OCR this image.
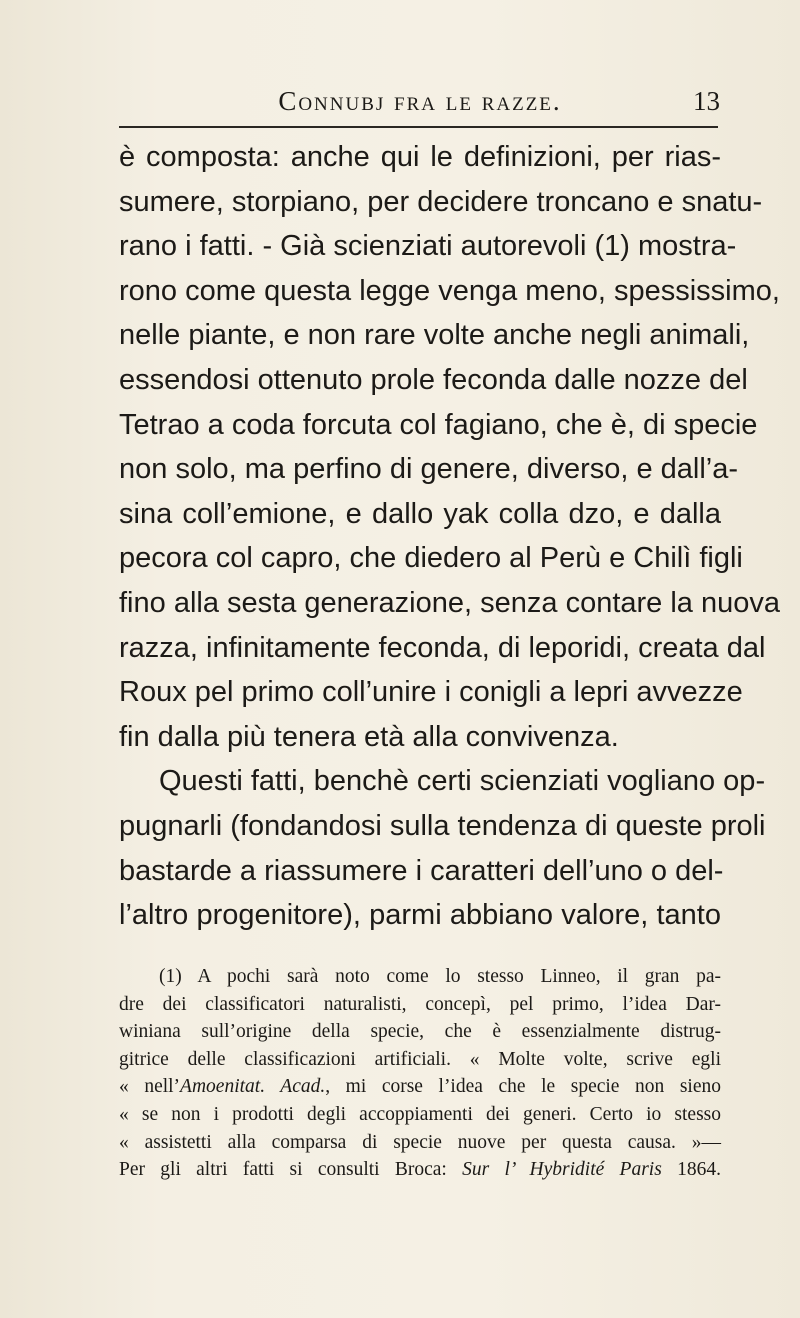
Connubj fra le razze.	13
è composta: anche qui le definizioni, per rias-
sumere, storpiano, per decidere troncano e snatu-
rano i fatti. - Già scienziati autorevoli (1) mostra-
rono come questa legge venga meno, spessissimo,
nelle piante, e non rare volte anche negli animali,
essendosi ottenuto prole feconda dalle nozze del
Tetrao a coda forcuta col fagiano, che è, di specie
non solo, ma perfino di genere, diverso, e dall’a-
sina coll’emione, e dallo yak colla dzo, e dalla
pecora col capro, che diedero al Perù e Chilì figli
fino alla sesta generazione, senza contare la nuova
razza, infinitamente feconda, di leporidi, creata dal
Roux pel primo coll’unire i conigli a lepri avvezze
fin dalla più tenera età alla convivenza.
Questi fatti, benchè certi scienziati vogliano op-
pugnarli (fondandosi sulla tendenza di queste proli
bastarde a riassumere i caratteri dell’uno o del-
l’altro progenitore), parmi abbiano valore, tanto
(1) A pochi sarà noto come lo stesso Linneo, il gran pa-
dre dei classificatori naturalisti, concepì, pel primo, l’idea Dar-
winiana sull’origine della specie, che è essenzialmente distrug-
gitrice delle classificazioni artificiali. « Molte volte, scrive egli
« nell’Amoenitat. Acad., mi corse l’idea che le specie non sieno
« se non i prodotti degli accoppiamenti dei generi. Certo io stesso
« assistetti alla comparsa di specie nuove per questa causa. »—
Per gli altri fatti si consulti Broca: Sur l’ Hybridité Paris 1864.
